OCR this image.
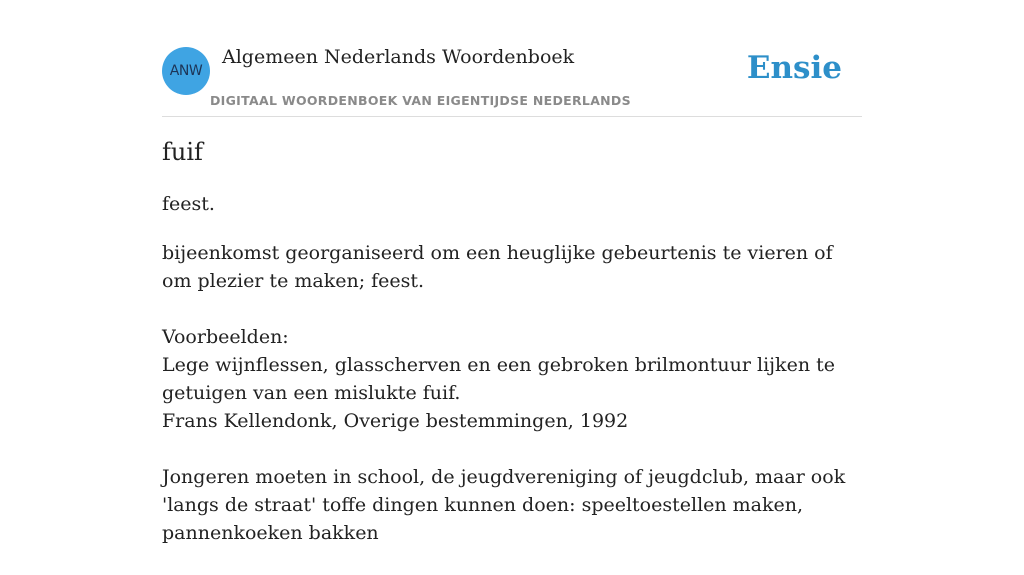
ANW
Algemeen Nederlands Woordenboek
DIGITAAL WOORDENBOEK VAN EIGENTIJDSE NEDERLANDS
Ensie
fuif
feest.
bijeenkomst georganiseerd om een heuglijke gebeurtenis te vieren of om plezier te maken; feest.

Voorbeelden:

Lege wijnflessen, glasscherven en een gebroken brilmontuur lijken te getuigen van een mislukte fuif.

Frans Kellendonk, Overige bestemmingen, 1992

Jongeren moeten in school, de jeugdvereniging of jeugdclub, maar ook 'langs de straat' toffe dingen kunnen doen: speeltoestellen maken, pannenkoeken bakken
